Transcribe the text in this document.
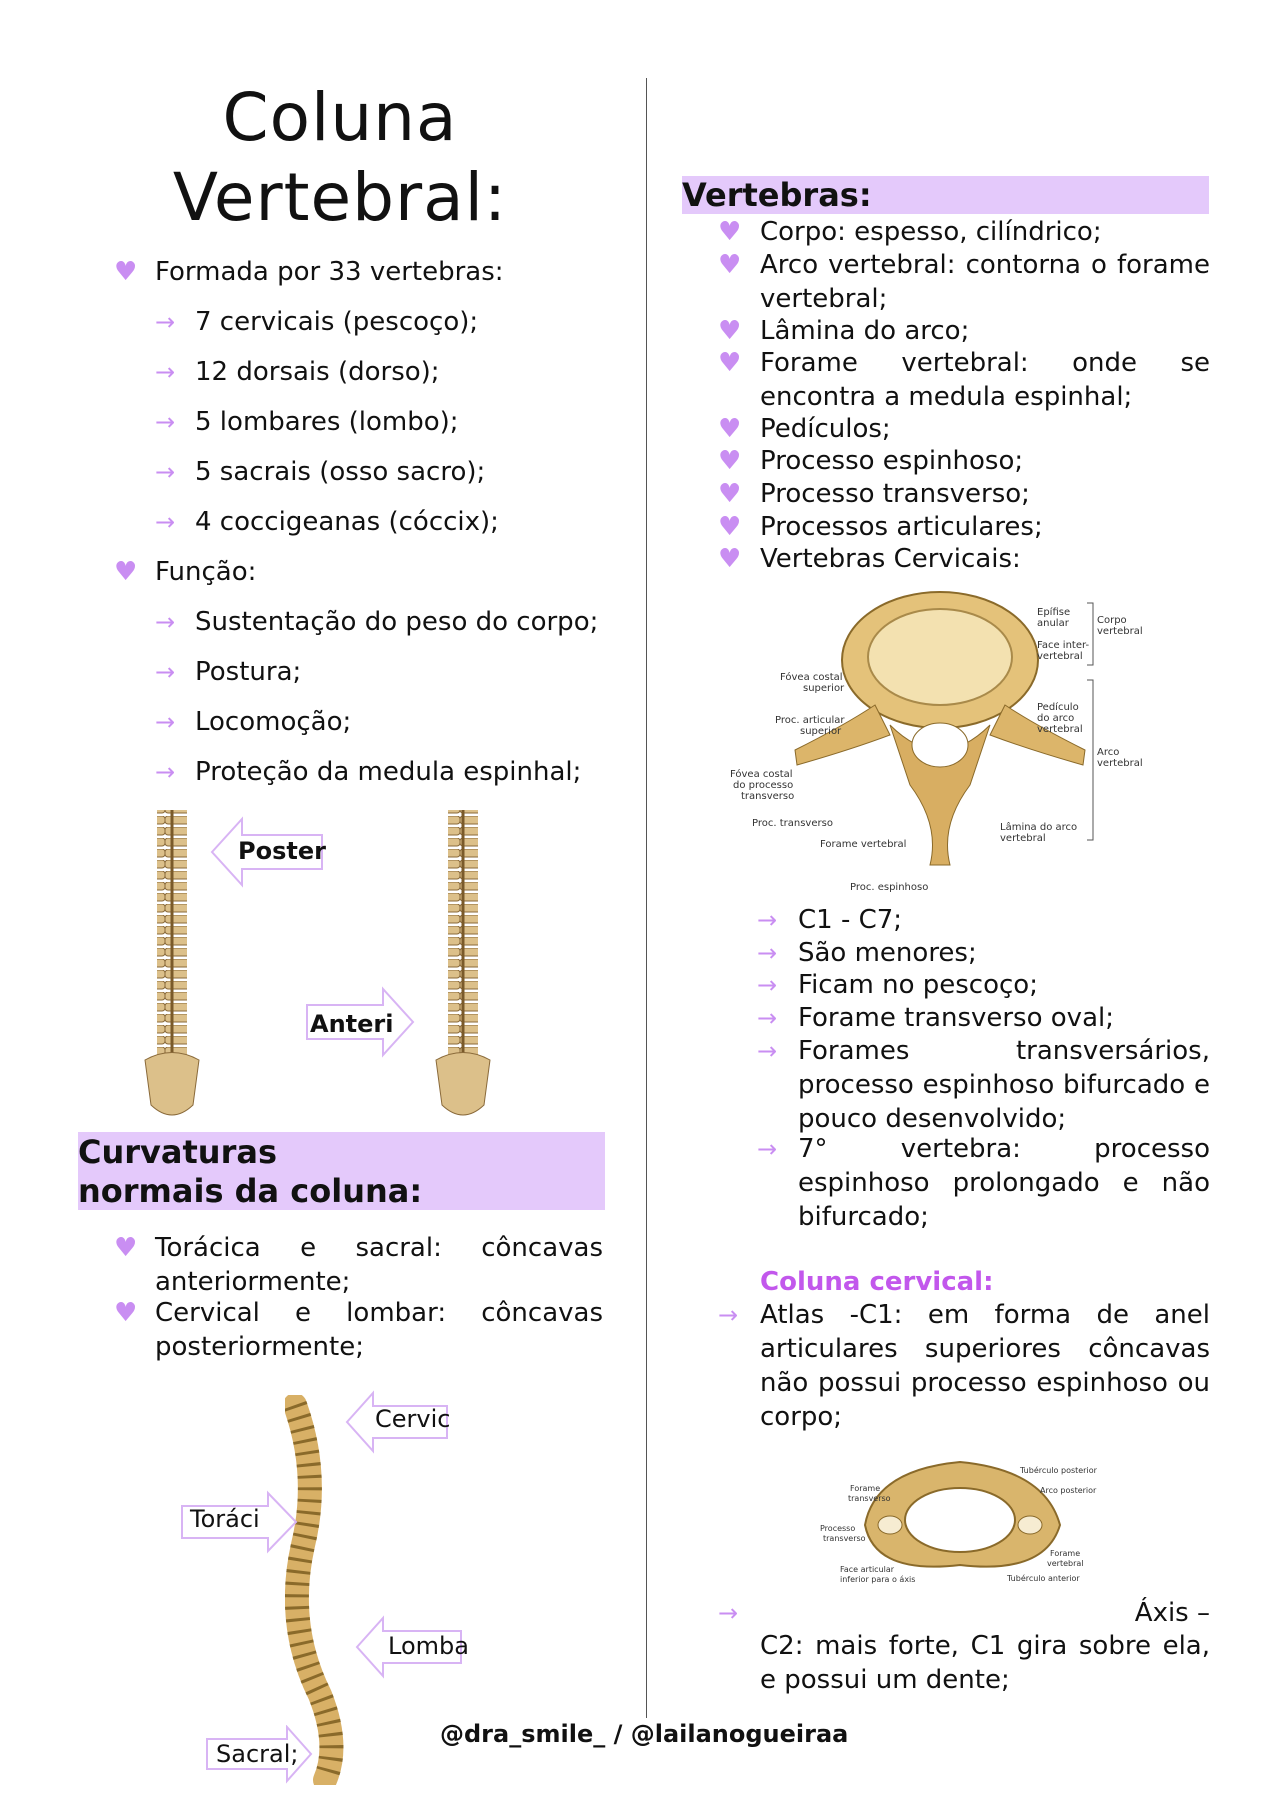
Coluna
Vertebral:
♥ Formada por 33 vertebras:
→ 7 cervicais (pescoço);
→ 12 dorsais (dorso);
→ 5 lombares (lombo);
→ 5 sacrais (osso sacro);
→ 4 coccigeanas (cóccix);
♥ Função:
→ Sustentação do peso do corpo;
→ Postura;
→ Locomoção;
→ Proteção da medula espinhal;
Poster
Anteri
Curvaturas
normais da coluna:
♥ Torácica e sacral: côncavas anteriormente;
♥ Cervical e lombar: côncavas posteriormente;
Cervic
Toráci
Lomba
Sacral;
Vertebras:
♥ Corpo: espesso, cilíndrico;
♥ Arco vertebral: contorna o forame vertebral;
♥ Lâmina do arco;
♥ Forame vertebral: onde se encontra a medula espinhal;
♥ Pedículos;
♥ Processo espinhoso;
♥ Processo transverso;
♥ Processos articulares;
♥ Vertebras Cervicais:
Epífise
anular
Face inter-
vertebral
Corpo
vertebral
Fóvea costal
superior
Proc. articular
superior
Pedículo
do arco
vertebral
Arco
vertebral
Fóvea costal
do processo
transverso
Proc. transverso
Forame vertebral
Lâmina do arco
vertebral
Proc. espinhoso
→ C1 - C7;
→ São menores;
→ Ficam no pescoço;
→ Forame transverso oval;
→ Forames transversários, processo espinhoso bifurcado e pouco desenvolvido;
→ 7° vertebra: processo espinhoso prolongado e não bifurcado;
Coluna cervical:
→ Atlas -C1: em forma de anel articulares superiores côncavas não possui processo espinhoso ou corpo;
Tubérculo posterior
Arco posterior
Forame
transverso
Processo
transverso
Forame
vertebral
Face articular
inferior para o áxis	Tubérculo anterior
→	Áxis –
C2: mais forte, C1 gira sobre ela, e possui um dente;
@dra_smile_ / @lailanogueiraa
